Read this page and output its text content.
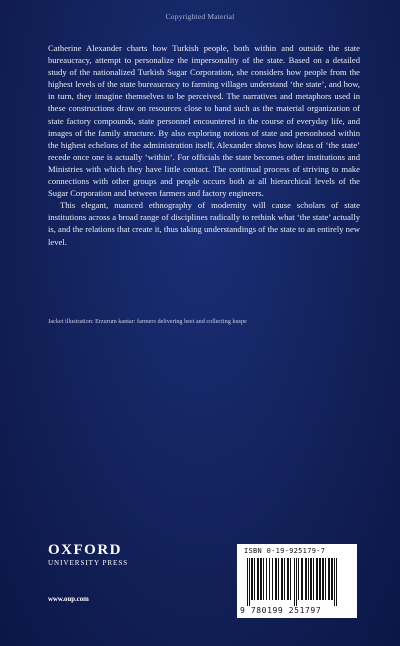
Copyrighted Material

Catherine Alexander charts how Turkish people, both within and outside the state bureaucracy, attempt to personalize the impersonality of the state. Based on a detailed study of the nationalized Turkish Sugar Corporation, she considers how people from the highest levels of the state bureaucracy to farming villages understand ‘the state’, and how, in turn, they imagine themselves to be perceived. The narratives and metaphors used in these constructions draw on resources close to hand such as the material organization of state factory compounds, state personnel encountered in the course of everyday life, and images of the family structure. By also exploring notions of state and personhood within the highest echelons of the administration itself, Alexander shows how ideas of ‘the state’ recede once one is actually ‘within’. For officials the state becomes other institutions and Ministries with which they have little contact. The continual process of striving to make connections with other groups and people occurs both at all hierarchical levels of the Sugar Corporation and between farmers and factory engineers.

This elegant, nuanced ethnography of modernity will cause scholars of state institutions across a broad range of disciplines radically to rethink what ‘the state’ actually is, and the relations that create it, thus taking understandings of the state to an entirely new level.

Jacket illustration: Erzurum kantar: farmers delivering beet and collecting kuspe
OXFORD
UNIVERSITY PRESS
www.oup.com
ISBN 0-19-925179-7
9 780199 251797
